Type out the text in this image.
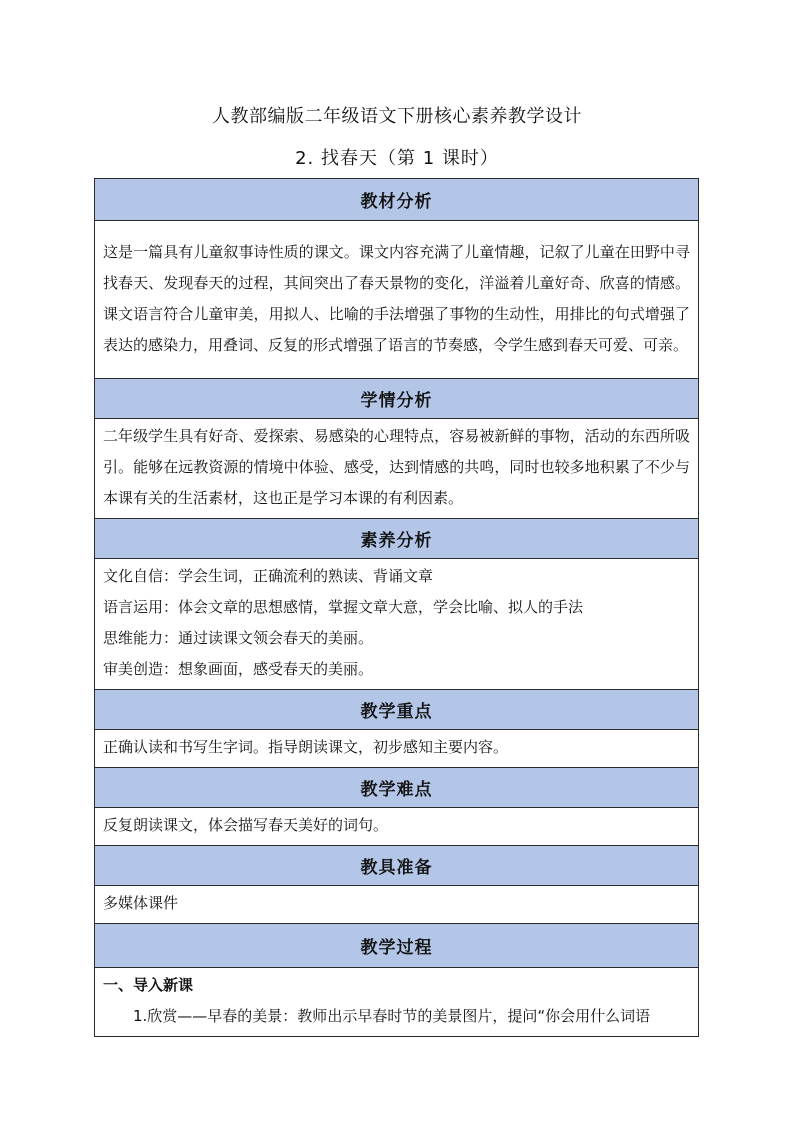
人教部编版二年级语文下册核心素养教学设计
2. 找春天（第 1 课时）
教材分析
这是一篇具有儿童叙事诗性质的课文。课文内容充满了儿童情趣，记叙了儿童在田野中寻找春天、发现春天的过程，其间突出了春天景物的变化，洋溢着儿童好奇、欣喜的情感。课文语言符合儿童审美，用拟人、比喻的手法增强了事物的生动性，用排比的句式增强了表达的感染力，用叠词、反复的形式增强了语言的节奏感，令学生感到春天可爱、可亲。
学情分析
二年级学生具有好奇、爱探索、易感染的心理特点，容易被新鲜的事物，活动的东西所吸引。能够在远教资源的情境中体验、感受，达到情感的共鸣，同时也较多地积累了不少与本课有关的生活素材，这也正是学习本课的有利因素。
素养分析

文化自信：学会生词，正确流利的熟读、背诵文章

语言运用：体会文章的思想感情，掌握文章大意，学会比喻、拟人的手法

思维能力：通过读课文领会春天的美丽。

审美创造：想象画面，感受春天的美丽。

教学重点
正确认读和书写生字词。指导朗读课文，初步感知主要内容。
教学难点
反复朗读课文，体会描写春天美好的词句。
教具准备
多媒体课件
教学过程

一、导入新课

1.欣赏——早春的美景：教师出示早春时节的美景图片，提问“你会用什么词语
